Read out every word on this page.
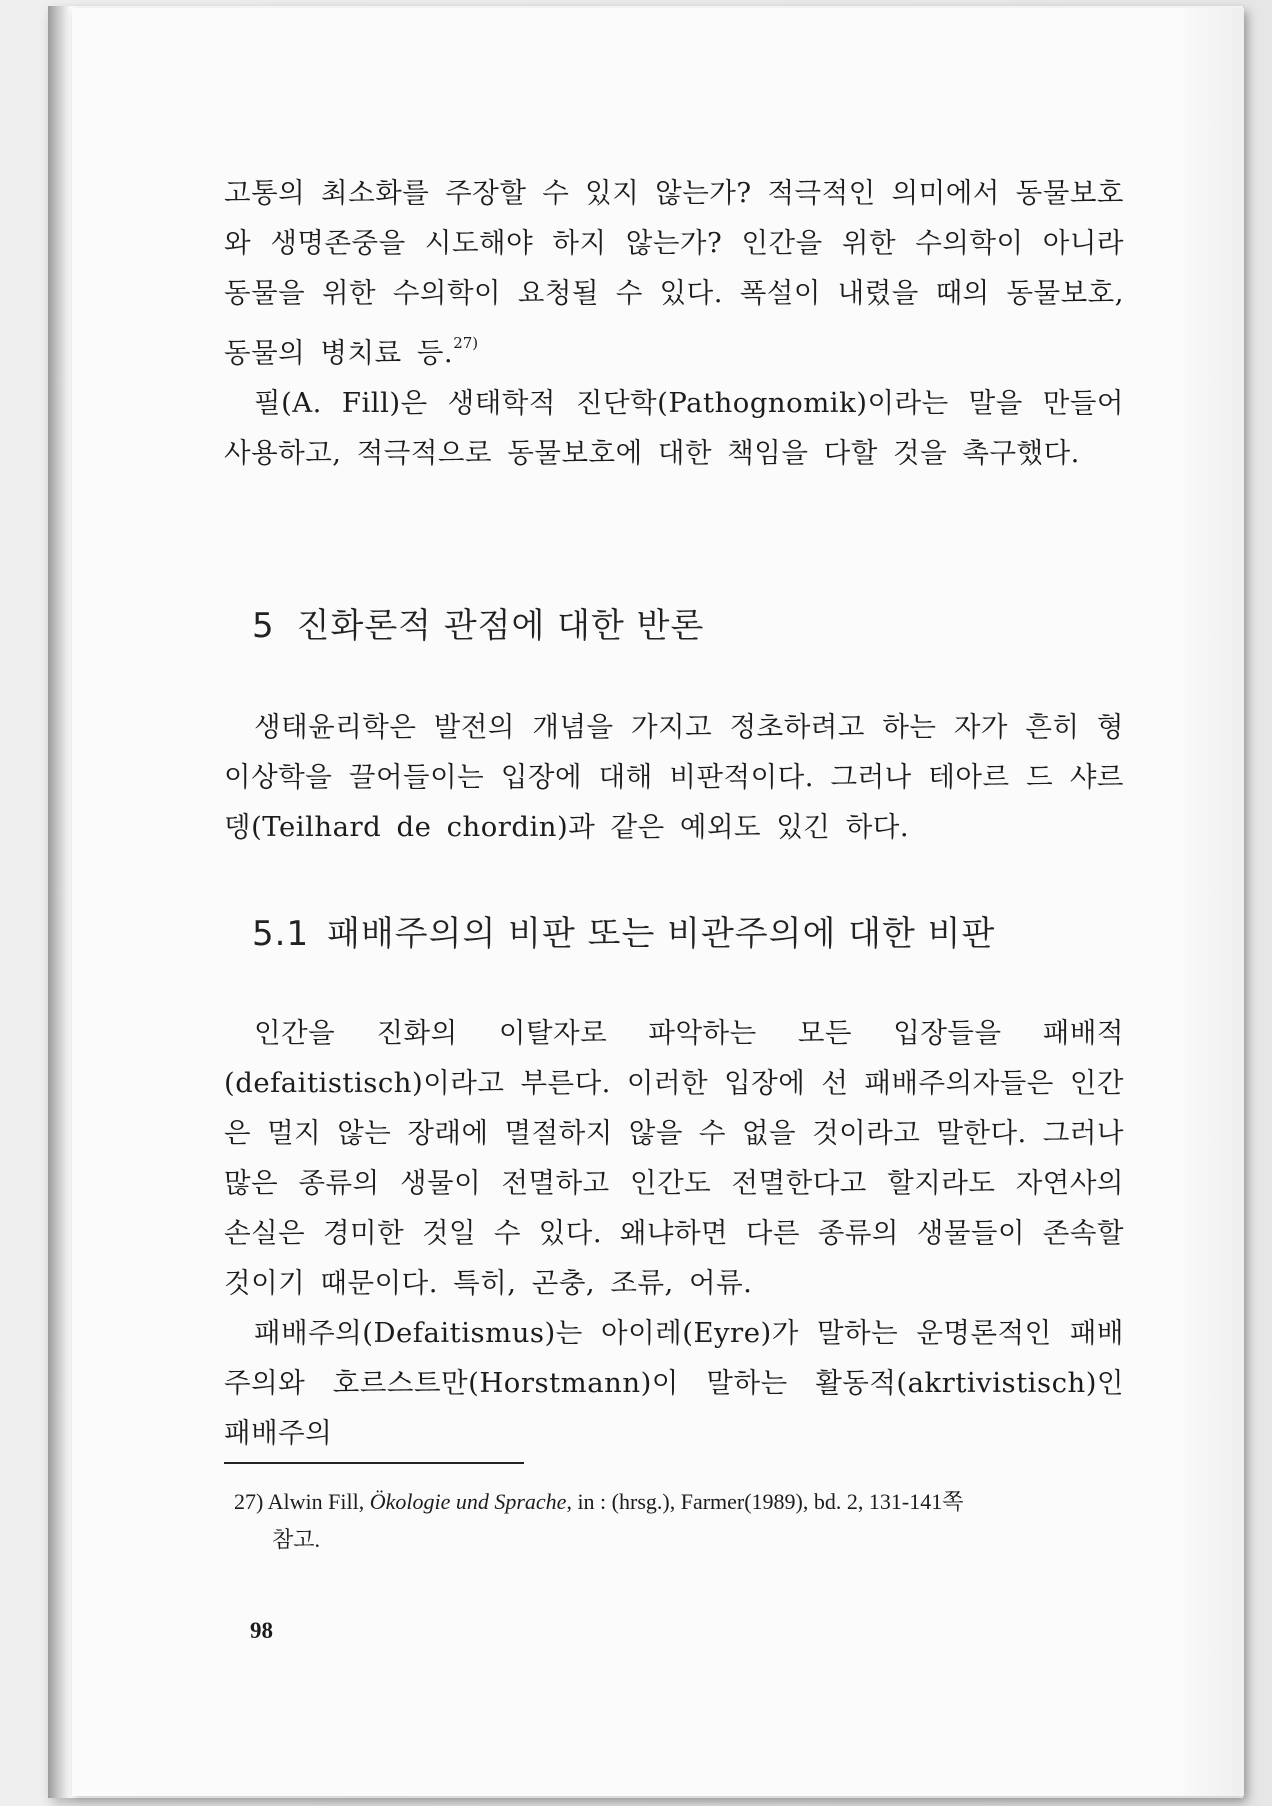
고통의 최소화를 주장할 수 있지 않는가? 적극적인 의미에서 동물보호와 생명존중을 시도해야 하지 않는가? 인간을 위한 수의학이 아니라 동물을 위한 수의학이 요청될 수 있다. 폭설이 내렸을 때의 동물보호, 동물의 병치료 등.$^{27)}$

필(A. Fill)은 생태학적 진단학(Pathognomik)이라는 말을 만들어 사용하고, 적극적으로 동물보호에 대한 책임을 다할 것을 촉구했다.

5 진화론적 관점에 대한 반론

생태윤리학은 발전의 개념을 가지고 정초하려고 하는 자가 흔히 형이상학을 끌어들이는 입장에 대해 비판적이다. 그러나 테아르 드 샤르뎅(Teilhard de chordin)과 같은 예외도 있긴 하다.

5.1 패배주의의 비판 또는 비관주의에 대한 비판

인간을 진화의 이탈자로 파악하는 모든 입장들을 패배적(defaitistisch)이라고 부른다. 이러한 입장에 선 패배주의자들은 인간은 멀지 않는 장래에 멸절하지 않을 수 없을 것이라고 말한다. 그러나 많은 종류의 생물이 전멸하고 인간도 전멸한다고 할지라도 자연사의 손실은 경미한 것일 수 있다. 왜냐하면 다른 종류의 생물들이 존속할 것이기 때문이다. 특히, 곤충, 조류, 어류.

패배주의(Defaitismus)는 아이레(Eyre)가 말하는 운명론적인 패배주의와 호르스트만(Horstmann)이 말하는 활동적(akrtivistisch)인 패배주의

27) Alwin Fill, Ökologie und Sprache, in : (hrsg.), Farmer(1989), bd. 2, 131-141쪽
참고.
98
